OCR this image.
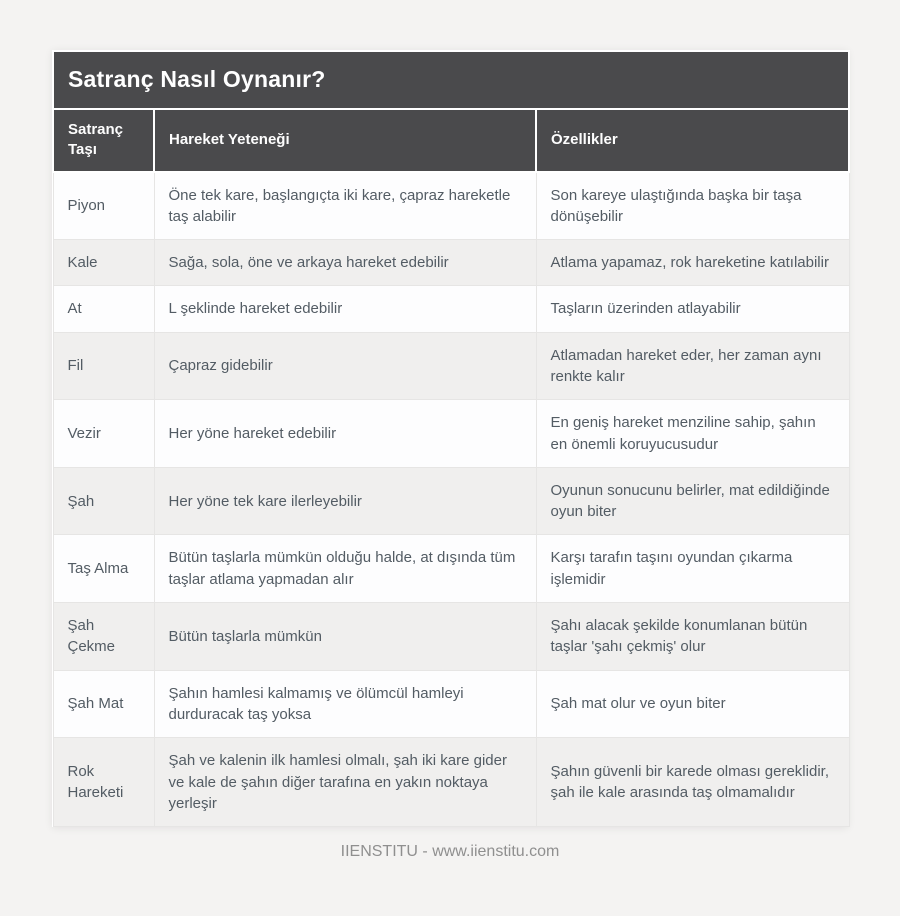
Satranç Nasıl Oynanır?		
Satranç Taşı	Hareket Yeteneği	Özellikler
Piyon	Öne tek kare, başlangıçta iki kare, çapraz hareketle taş alabilir	Son kareye ulaştığında başka bir taşa dönüşebilir
Kale	Sağa, sola, öne ve arkaya hareket edebilir	Atlama yapamaz, rok hareketine katılabilir
At	L şeklinde hareket edebilir	Taşların üzerinden atlayabilir
Fil	Çapraz gidebilir	Atlamadan hareket eder, her zaman aynı renkte kalır
Vezir	Her yöne hareket edebilir	En geniş hareket menziline sahip, şahın en önemli koruyucusudur
Şah	Her yöne tek kare ilerleyebilir	Oyunun sonucunu belirler, mat edildiğinde oyun biter
Taş Alma	Bütün taşlarla mümkün olduğu halde, at dışında tüm taşlar atlama yapmadan alır	Karşı tarafın taşını oyundan çıkarma işlemidir
Şah Çekme	Bütün taşlarla mümkün	Şahı alacak şekilde konumlanan bütün taşlar 'şahı çekmiş' olur
Şah Mat	Şahın hamlesi kalmamış ve ölümcül hamleyi durduracak taş yoksa	Şah mat olur ve oyun biter
Rok Hareketi	Şah ve kalenin ilk hamlesi olmalı, şah iki kare gider ve kale de şahın diğer tarafına en yakın noktaya yerleşir	Şahın güvenli bir karede olması gereklidir, şah ile kale arasında taş olmamalıdır
IIENSTITU - www.iienstitu.com
